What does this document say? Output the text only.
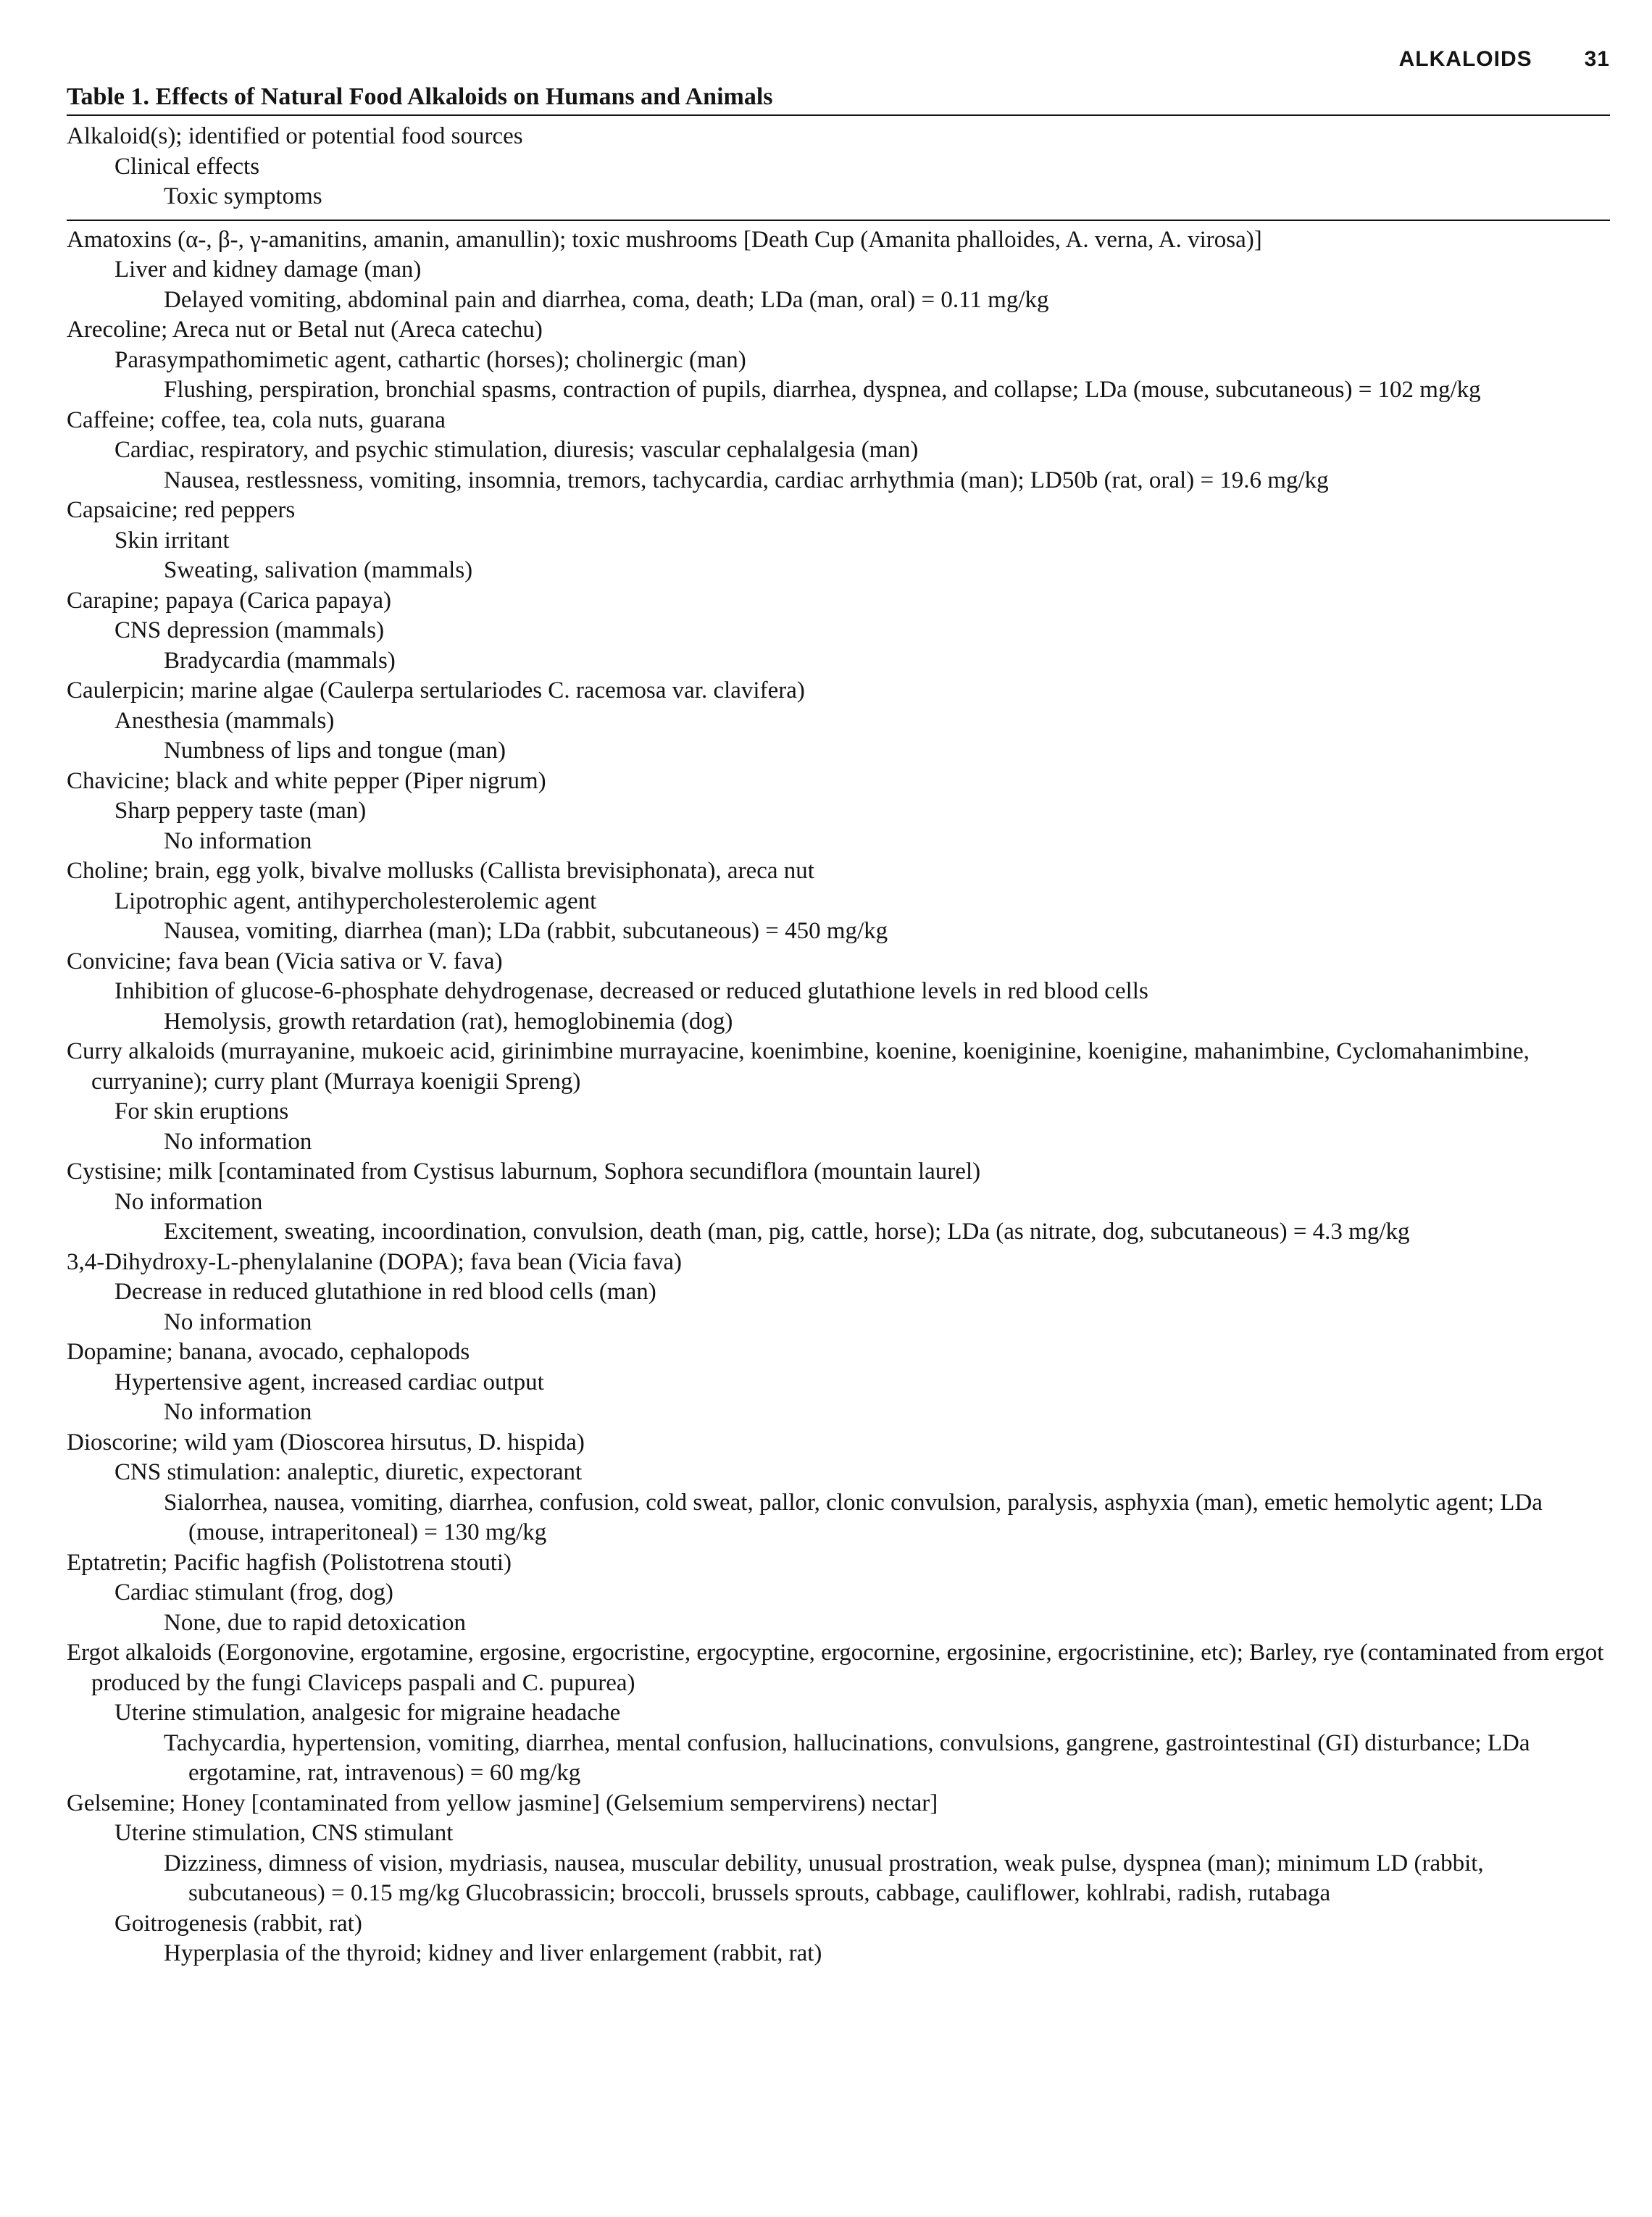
ALKALOIDS 31
Table 1. Effects of Natural Food Alkaloids on Humans and Animals
Alkaloid(s); identified or potential food sources
Clinical effects
Toxic symptoms
Amatoxins (α-, β-, γ-amanitins, amanin, amanullin); toxic mushrooms [Death Cup (Amanita phalloides, A. verna, A. virosa)]
Liver and kidney damage (man)
Delayed vomiting, abdominal pain and diarrhea, coma, death; LDa (man, oral) = 0.11 mg/kg
Arecoline; Areca nut or Betal nut (Areca catechu)
Parasympathomimetic agent, cathartic (horses); cholinergic (man)
Flushing, perspiration, bronchial spasms, contraction of pupils, diarrhea, dyspnea, and collapse; LDa (mouse, subcutaneous) = 102 mg/kg
Caffeine; coffee, tea, cola nuts, guarana
Cardiac, respiratory, and psychic stimulation, diuresis; vascular cephalalgesia (man)
Nausea, restlessness, vomiting, insomnia, tremors, tachycardia, cardiac arrhythmia (man); LD50b (rat, oral) = 19.6 mg/kg
Capsaicine; red peppers
Skin irritant
Sweating, salivation (mammals)
Carapine; papaya (Carica papaya)
CNS depression (mammals)
Bradycardia (mammals)
Caulerpicin; marine algae (Caulerpa sertulariodes C. racemosa var. clavifera)
Anesthesia (mammals)
Numbness of lips and tongue (man)
Chavicine; black and white pepper (Piper nigrum)
Sharp peppery taste (man)
No information
Choline; brain, egg yolk, bivalve mollusks (Callista brevisiphonata), areca nut
Lipotrophic agent, antihypercholesterolemic agent
Nausea, vomiting, diarrhea (man); LDa (rabbit, subcutaneous) = 450 mg/kg
Convicine; fava bean (Vicia sativa or V. fava)
Inhibition of glucose-6-phosphate dehydrogenase, decreased or reduced glutathione levels in red blood cells
Hemolysis, growth retardation (rat), hemoglobinemia (dog)
Curry alkaloids (murrayanine, mukoeic acid, girinimbine murrayacine, koenimbine, koenine, koeniginine, koenigine, mahanimbine, Cyclomahanimbine, curryanine); curry plant (Murraya koenigii Spreng)
For skin eruptions
No information
Cystisine; milk [contaminated from Cystisus laburnum, Sophora secundiflora (mountain laurel)
No information
Excitement, sweating, incoordination, convulsion, death (man, pig, cattle, horse); LDa (as nitrate, dog, subcutaneous) = 4.3 mg/kg
3,4-Dihydroxy-L-phenylalanine (DOPA); fava bean (Vicia fava)
Decrease in reduced glutathione in red blood cells (man)
No information
Dopamine; banana, avocado, cephalopods
Hypertensive agent, increased cardiac output
No information
Dioscorine; wild yam (Dioscorea hirsutus, D. hispida)
CNS stimulation: analeptic, diuretic, expectorant
Sialorrhea, nausea, vomiting, diarrhea, confusion, cold sweat, pallor, clonic convulsion, paralysis, asphyxia (man), emetic hemolytic agent; LDa (mouse, intraperitoneal) = 130 mg/kg
Eptatretin; Pacific hagfish (Polistotrena stouti)
Cardiac stimulant (frog, dog)
None, due to rapid detoxication
Ergot alkaloids (Eorgonovine, ergotamine, ergosine, ergocristine, ergocyptine, ergocornine, ergosinine, ergocristinine, etc); Barley, rye (contaminated from ergot produced by the fungi Claviceps paspali and C. pupurea)
Uterine stimulation, analgesic for migraine headache
Tachycardia, hypertension, vomiting, diarrhea, mental confusion, hallucinations, convulsions, gangrene, gastrointestinal (GI) disturbance; LDa ergotamine, rat, intravenous) = 60 mg/kg
Gelsemine; Honey [contaminated from yellow jasmine] (Gelsemium sempervirens) nectar]
Uterine stimulation, CNS stimulant
Dizziness, dimness of vision, mydriasis, nausea, muscular debility, unusual prostration, weak pulse, dyspnea (man); minimum LD (rabbit, subcutaneous) = 0.15 mg/kg Glucobrassicin; broccoli, brussels sprouts, cabbage, cauliflower, kohlrabi, radish, rutabaga
Goitrogenesis (rabbit, rat)
Hyperplasia of the thyroid; kidney and liver enlargement (rabbit, rat)
